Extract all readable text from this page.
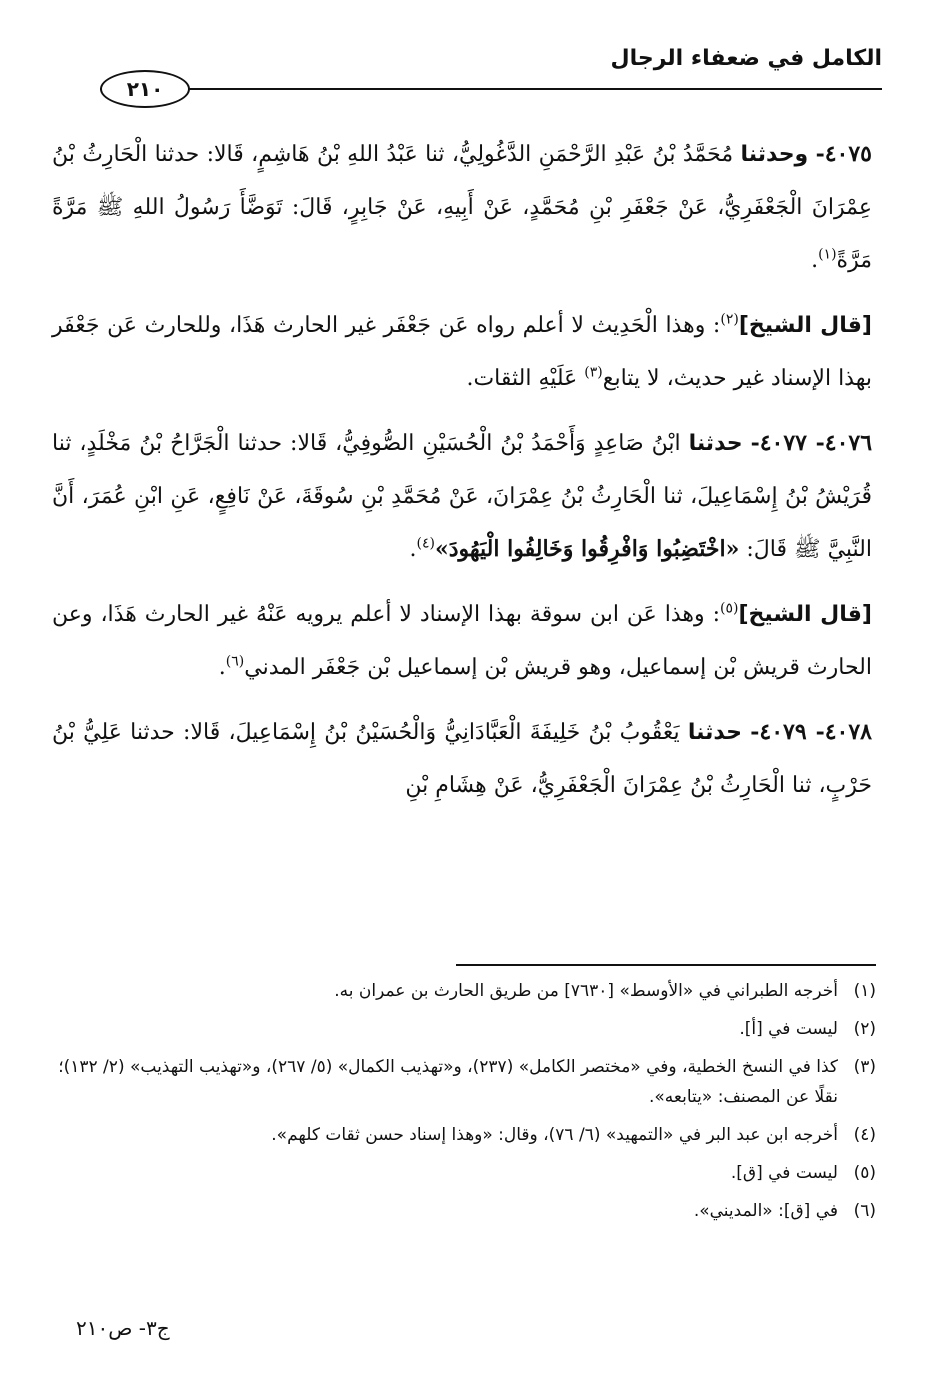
الكامل في ضعفاء الرجال
٢١٠

٤٠٧٥- وحدثنا مُحَمَّدُ بْنُ عَبْدِ الرَّحْمَنِ الدَّغُولِيُّ، ثنا عَبْدُ اللهِ بْنُ هَاشِمٍ، قَالا: حدثنا الْحَارِثُ بْنُ عِمْرَانَ الْجَعْفَرِيُّ، عَنْ جَعْفَرِ بْنِ مُحَمَّدٍ، عَنْ أَبِيهِ، عَنْ جَابِرٍ، قَالَ: تَوَضَّأَ رَسُولُ اللهِ ﷺ مَرَّةً مَرَّةً$^{(١)}$.

[قال الشيخ]$^{(٢)}$: وهذا الْحَدِيث لا أعلم رواه عَن جَعْفَر غير الحارث هَذَا، وللحارث عَن جَعْفَر بهذا الإسناد غير حديث، لا يتابع$^{(٣)}$ عَلَيْهِ الثقات.

٤٠٧٦- ٤٠٧٧- حدثنا ابْنُ صَاعِدٍ وَأَحْمَدُ بْنُ الْحُسَيْنِ الصُّوفِيُّ، قَالا: حدثنا الْجَرَّاحُ بْنُ مَخْلَدٍ، ثنا قُرَيْشُ بْنُ إِسْمَاعِيلَ، ثنا الْحَارِثُ بْنُ عِمْرَانَ، عَنْ مُحَمَّدِ بْنِ سُوقَةَ، عَنْ نَافِعٍ، عَنِ ابْنِ عُمَرَ، أَنَّ النَّبِيَّ ﷺ قَالَ: «اخْتَضِبُوا وَافْرِقُوا وَخَالِفُوا الْيَهُودَ»$^{(٤)}$.

[قال الشيخ]$^{(٥)}$: وهذا عَن ابن سوقة بهذا الإسناد لا أعلم يرويه عَنْهُ غير الحارث هَذَا، وعن الحارث قريش بْن إسماعيل، وهو قريش بْن إسماعيل بْن جَعْفَر المدني$^{(٦)}$.

٤٠٧٨- ٤٠٧٩- حدثنا يَعْقُوبُ بْنُ خَلِيفَةَ الْعَبَّادَانِيُّ وَالْحُسَيْنُ بْنُ إِسْمَاعِيلَ، قَالا: حدثنا عَلِيُّ بْنُ حَرْبٍ، ثنا الْحَارِثُ بْنُ عِمْرَانَ الْجَعْفَرِيُّ، عَنْ هِشَامِ بْنِ

(١)
أخرجه الطبراني في «الأوسط» [٧٦٣٠] من طريق الحارث بن عمران به.
(٢)
ليست في [أ].
(٣)
كذا في النسخ الخطية، وفي «مختصر الكامل» (٢٣٧)، و«تهذيب الكمال» (٥/ ٢٦٧)، و«تهذيب التهذيب» (٢/ ١٣٢)؛ نقلًا عن المصنف: «يتابعه».
(٤)
أخرجه ابن عبد البر في «التمهيد» (٦/ ٧٦)، وقال: «وهذا إسناد حسن ثقات كلهم».
(٥)
ليست في [ق].
(٦)
في [ق]: «المديني».
ج٣- ص٢١٠
